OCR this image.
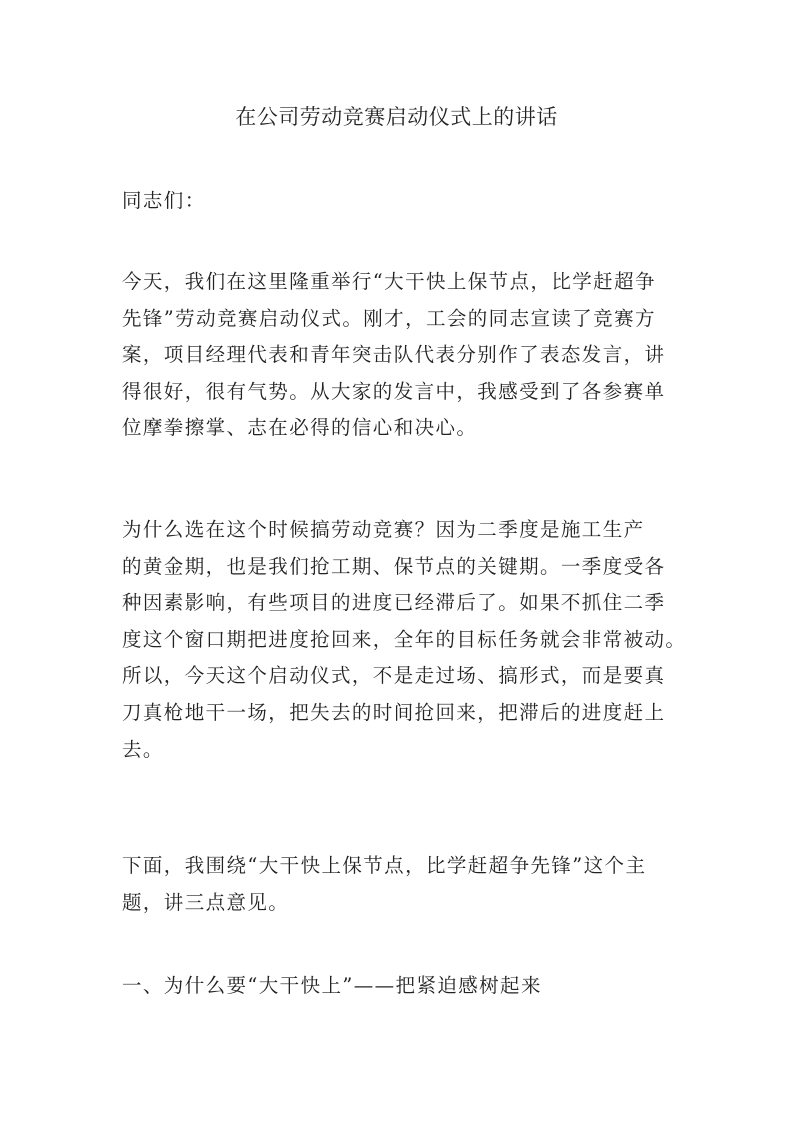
在公司劳动竞赛启动仪式上的讲话
同志们：
今天，我们在这里隆重举行“大干快上保节点，比学赶超争
先锋”劳动竞赛启动仪式。刚才，工会的同志宣读了竞赛方
案，项目经理代表和青年突击队代表分别作了表态发言，讲
得很好，很有气势。从大家的发言中，我感受到了各参赛单
位摩拳擦掌、志在必得的信心和决心。
为什么选在这个时候搞劳动竞赛？因为二季度是施工生产
的黄金期，也是我们抢工期、保节点的关键期。一季度受各
种因素影响，有些项目的进度已经滞后了。如果不抓住二季
度这个窗口期把进度抢回来，全年的目标任务就会非常被动。
所以，今天这个启动仪式，不是走过场、搞形式，而是要真
刀真枪地干一场，把失去的时间抢回来，把滞后的进度赶上
去。
下面，我围绕“大干快上保节点，比学赶超争先锋”这个主
题，讲三点意见。
一、为什么要“大干快上”——把紧迫感树起来
